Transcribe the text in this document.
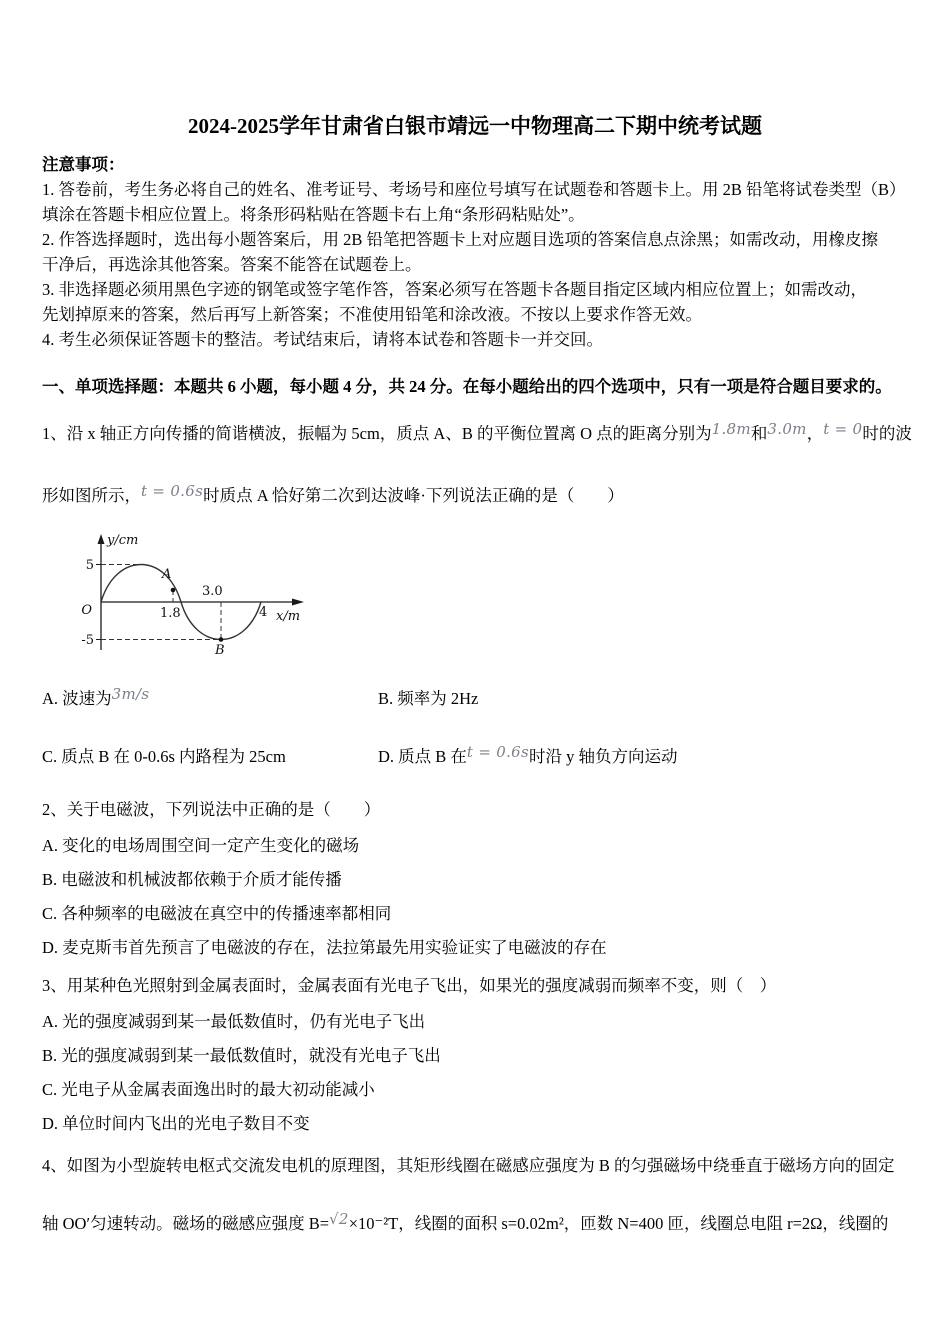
2024-2025学年甘肃省白银市靖远一中物理高二下期中统考试题

注意事项：

1. 答卷前，考生务必将自己的姓名、准考证号、考场号和座位号填写在试题卷和答题卡上。用 2B 铅笔将试卷类型（B）

填涂在答题卡相应位置上。将条形码粘贴在答题卡右上角“条形码粘贴处”。

2. 作答选择题时，选出每小题答案后，用 2B 铅笔把答题卡上对应题目选项的答案信息点涂黑；如需改动，用橡皮擦

干净后，再选涂其他答案。答案不能答在试题卷上。

3. 非选择题必须用黑色字迹的钢笔或签字笔作答，答案必须写在答题卡各题目指定区域内相应位置上；如需改动，

先划掉原来的答案，然后再写上新答案；不准使用铅笔和涂改液。不按以上要求作答无效。

4. 考生必须保证答题卡的整洁。考试结束后，请将本试卷和答题卡一并交回。

一、单项选择题：本题共 6 小题，每小题 4 分，共 24 分。在每小题给出的四个选项中，只有一项是符合题目要求的。

1、沿 x 轴正方向传播的简谐横波，振幅为 5cm，质点 A、B 的平衡位置离 O 点的距离分别为1.8m和3.0m，t = 0时的波

形如图所示，t = 0.6s时质点 A 恰好第二次到达波峰·下列说法正确的是（　　）

y/cm
x/m
O
5
-5
1.8
3.0
4
A
B

A. 波速为3m/s	B. 频率为 2Hz

C. 质点 B 在 0-0.6s 内路程为 25cm	D. 质点 B 在t = 0.6s时沿 y 轴负方向运动

2、关于电磁波，下列说法中正确的是（　　）

A. 变化的电场周围空间一定产生变化的磁场

B. 电磁波和机械波都依赖于介质才能传播

C. 各种频率的电磁波在真空中的传播速率都相同

D. 麦克斯韦首先预言了电磁波的存在，法拉第最先用实验证实了电磁波的存在

3、用某种色光照射到金属表面时，金属表面有光电子飞出，如果光的强度减弱而频率不变，则（　）

A. 光的强度减弱到某一最低数值时，仍有光电子飞出

B. 光的强度减弱到某一最低数值时，就没有光电子飞出

C. 光电子从金属表面逸出时的最大初动能减小

D. 单位时间内飞出的光电子数目不变

4、如图为小型旋转电枢式交流发电机的原理图，其矩形线圈在磁感应强度为 B 的匀强磁场中绕垂直于磁场方向的固定

轴 OO′匀速转动。磁场的磁感应强度 B=√2×10⁻²T，线圈的面积 s=0.02m²，匝数 N=400 匝，线圈总电阻 r=2Ω，线圈的
